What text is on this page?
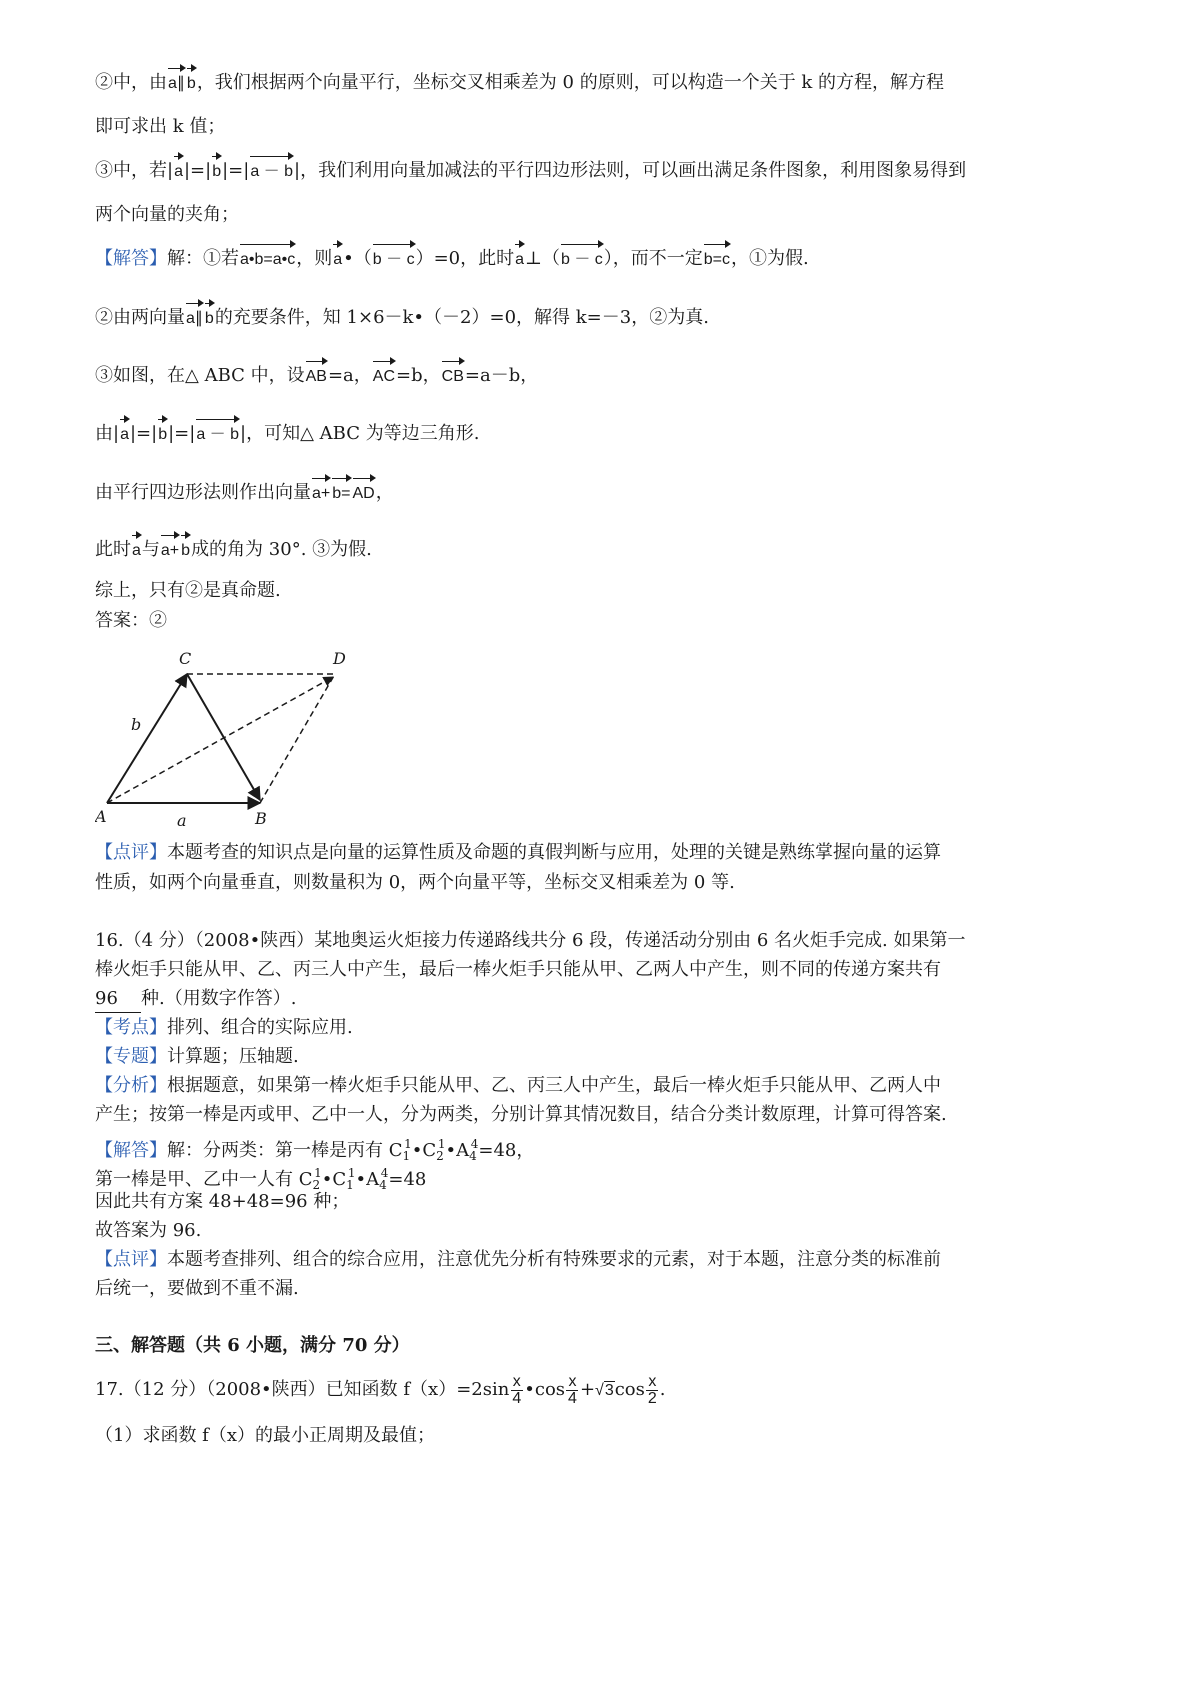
②中，由a∥ b，我们根据两个向量平行，坐标交叉相乘差为 0 的原则，可以构造一个关于 k 的方程，解方程
即可求出 k 值；
③中，若|a|=|b|=|a － b|，我们利用向量加减法的平行四边形法则，可以画出满足条件图象，利用图象易得到
两个向量的夹角；
【解答】解：①若a•b=a•c，则a•（b － c）=0，此时a⊥（b － c），而不一定b=c，①为假.
②由两向量a∥ b的充要条件，知 1×6－k•（－2）=0，解得 k=－3，②为真.
③如图，在△ ABC 中，设AB=a，AC=b，CB=a－b，
由|a|=|b|=|a － b|，可知△ ABC 为等边三角形.
由平行四边形法则作出向量a+ b= AD，
此时a与a+ b成的角为 30°. ③为假.
综上，只有②是真命题.
答案：②
C	D
A	B
a
b
【点评】本题考查的知识点是向量的运算性质及命题的真假判断与应用，处理的关键是熟练掌握向量的运算
性质，如两个向量垂直，则数量积为 0，两个向量平等，坐标交叉相乘差为 0 等.
16.（4 分）（2008•陕西）某地奥运火炬接力传递路线共分 6 段，传递活动分别由 6 名火炬手完成. 如果第一
棒火炬手只能从甲、乙、丙三人中产生，最后一棒火炬手只能从甲、乙两人中产生，则不同的传递方案共有
96 种.（用数字作答）.
【考点】排列、组合的实际应用.
【专题】计算题；压轴题.
【分析】根据题意，如果第一棒火炬手只能从甲、乙、丙三人中产生，最后一棒火炬手只能从甲、乙两人中
产生；按第一棒是丙或甲、乙中一人，分为两类，分别计算其情况数目，结合分类计数原理，计算可得答案.
【解答】解：分两类：第一棒是丙有 $C_1^1•C_2^1•A_4^4=48$，
第一棒是甲、乙中一人有 $C_2^1•C_1^1•A_4^4=48$
因此共有方案 48+48=96 种；
故答案为 96.
【点评】本题考查排列、组合的综合应用，注意优先分析有特殊要求的元素，对于本题，注意分类的标准前
后统一，要做到不重不漏.
三、解答题（共 6 小题，满分 70 分）
17.（12 分）（2008•陕西）已知函数 $f(x)=2\sin \frac{x}{4}$ •cos $\frac{x}{4} +√3\cos \frac{x}{2}$ .
（1）求函数 f（x）的最小正周期及最值；
